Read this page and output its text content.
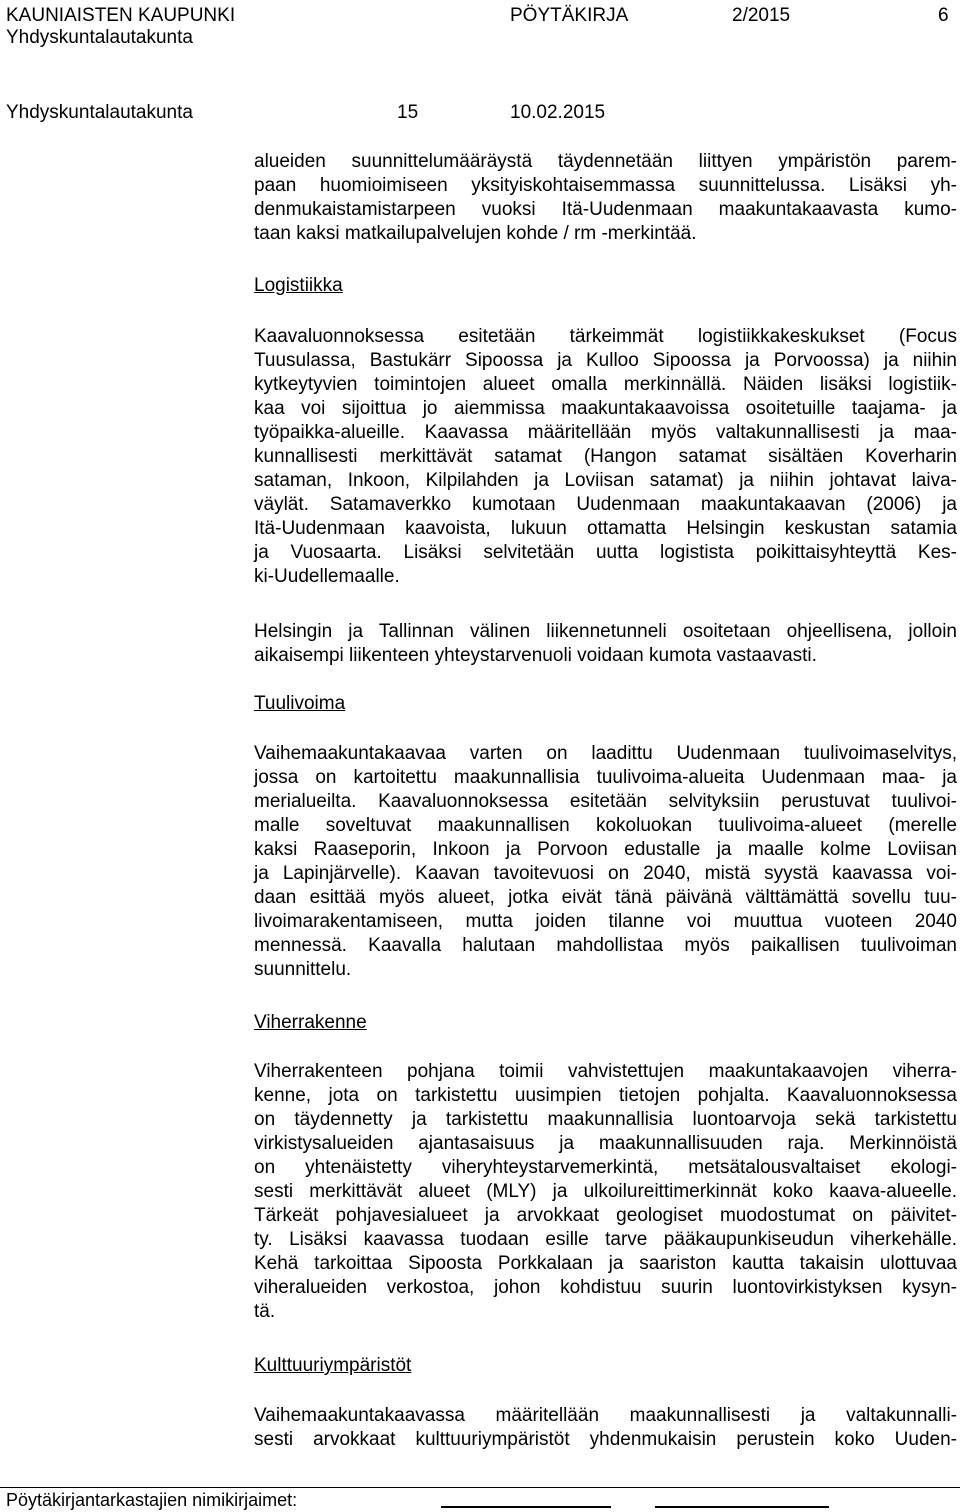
KAUNIAISTEN KAUPUNKI
Yhdyskuntalautakunta
PÖYTÄKIRJA	2/2015	6
Yhdyskuntalautakunta	15	10.02.2015
alueiden suunnittelumääräystä täydennetään liittyen ympäristön parem-
paan huomioimiseen yksityiskohtaisemmassa suunnittelussa. Lisäksi yh-
denmukaistamistarpeen vuoksi Itä-Uudenmaan maakuntakaavasta kumo-
taan kaksi matkailupalvelujen kohde / rm -merkintää.
Logistiikka
Kaavaluonnoksessa esitetään tärkeimmät logistiikkakeskukset (Focus
Tuusulassa, Bastukärr Sipoossa ja Kulloo Sipoossa ja Porvoossa) ja niihin
kytkeytyvien toimintojen alueet omalla merkinnällä. Näiden lisäksi logistiik-
kaa voi sijoittua jo aiemmissa maakuntakaavoissa osoitetuille taajama- ja
työpaikka-alueille. Kaavassa määritellään myös valtakunnallisesti ja maa-
kunnallisesti merkittävät satamat (Hangon satamat sisältäen Koverharin
sataman, Inkoon, Kilpilahden ja Loviisan satamat) ja niihin johtavat laiva-
väylät. Satamaverkko kumotaan Uudenmaan maakuntakaavan (2006) ja
Itä-Uudenmaan kaavoista, lukuun ottamatta Helsingin keskustan satamia
ja Vuosaarta. Lisäksi selvitetään uutta logistista poikittaisyhteyttä Kes-
ki-Uudellemaalle.
Helsingin ja Tallinnan välinen liikennetunneli osoitetaan ohjeellisena, jolloin
aikaisempi liikenteen yhteystarvenuoli voidaan kumota vastaavasti.
Tuulivoima
Vaihemaakuntakaavaa varten on laadittu Uudenmaan tuulivoimaselvitys,
jossa on kartoitettu maakunnallisia tuulivoima-alueita Uudenmaan maa- ja
merialueilta. Kaavaluonnoksessa esitetään selvityksiin perustuvat tuulivoi-
malle soveltuvat maakunnallisen kokoluokan tuulivoima-alueet (merelle
kaksi Raaseporin, Inkoon ja Porvoon edustalle ja maalle kolme Loviisan
ja Lapinjärvelle). Kaavan tavoitevuosi on 2040, mistä syystä kaavassa voi-
daan esittää myös alueet, jotka eivät tänä päivänä välttämättä sovellu tuu-
livoimarakentamiseen, mutta joiden tilanne voi muuttua vuoteen 2040
mennessä. Kaavalla halutaan mahdollistaa myös paikallisen tuulivoiman
suunnittelu.
Viherrakenne
Viherrakenteen pohjana toimii vahvistettujen maakuntakaavojen viherra-
kenne, jota on tarkistettu uusimpien tietojen pohjalta. Kaavaluonnoksessa
on täydennetty ja tarkistettu maakunnallisia luontoarvoja sekä tarkistettu
virkistysalueiden ajantasaisuus ja maakunnallisuuden raja. Merkinnöistä
on yhtenäistetty viheryhteystarvemerkintä, metsätalousvaltaiset ekologi-
sesti merkittävät alueet (MLY) ja ulkoilureittimerkinnät koko kaava-alueelle.
Tärkeät pohjavesialueet ja arvokkaat geologiset muodostumat on päivitet-
ty. Lisäksi kaavassa tuodaan esille tarve pääkaupunkiseudun viherkehälle.
Kehä tarkoittaa Sipoosta Porkkalaan ja saariston kautta takaisin ulottuvaa
viheralueiden verkostoa, johon kohdistuu suurin luontovirkistyksen kysyn-
tä.
Kulttuuriympäristöt
Vaihemaakuntakaavassa määritellään maakunnallisesti ja valtakunnalli-
sesti arvokkaat kulttuuriympäristöt yhdenmukaisin perustein koko Uuden-
Pöytäkirjantarkastajien nimikirjaimet:
